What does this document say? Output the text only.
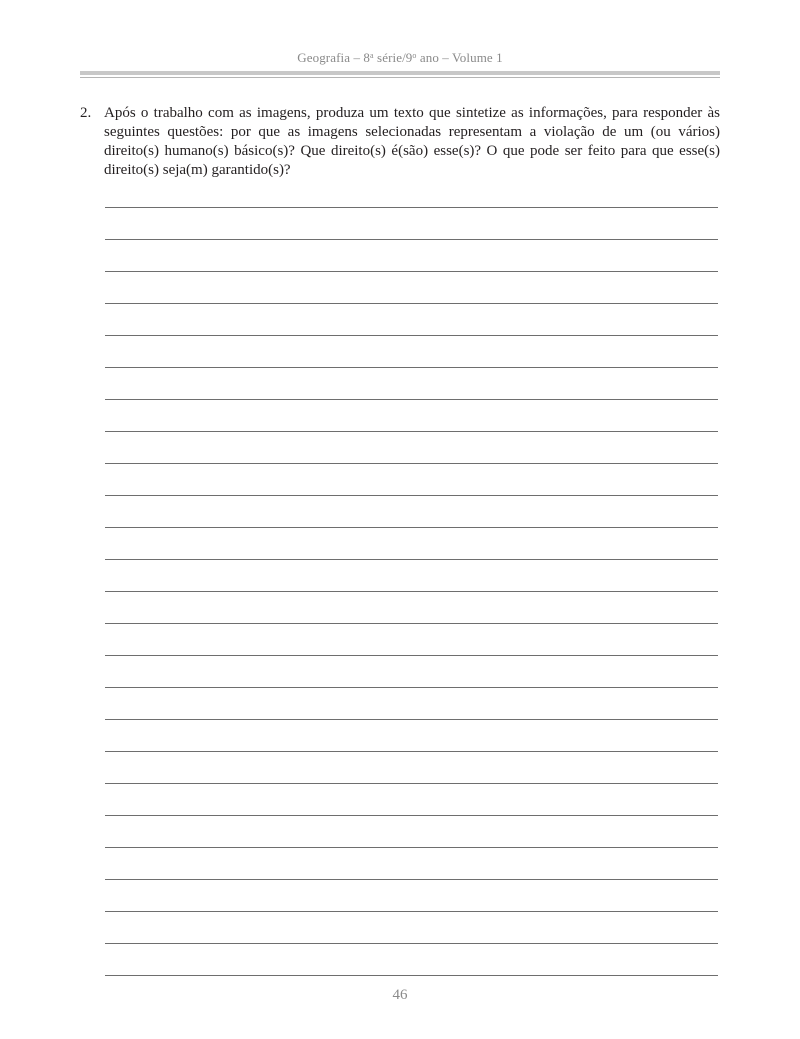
Geografia – 8$^a$ série/9$^o$ ano – Volume 1
2. Após o trabalho com as imagens, produza um texto que sintetize as informações, para responder às seguintes questões: por que as imagens selecionadas representam a violação de um (ou vários) direito(s) humano(s) básico(s)? Que direito(s) é(são) esse(s)? O que pode ser feito para que esse(s) direito(s) seja(m) garantido(s)?
46
